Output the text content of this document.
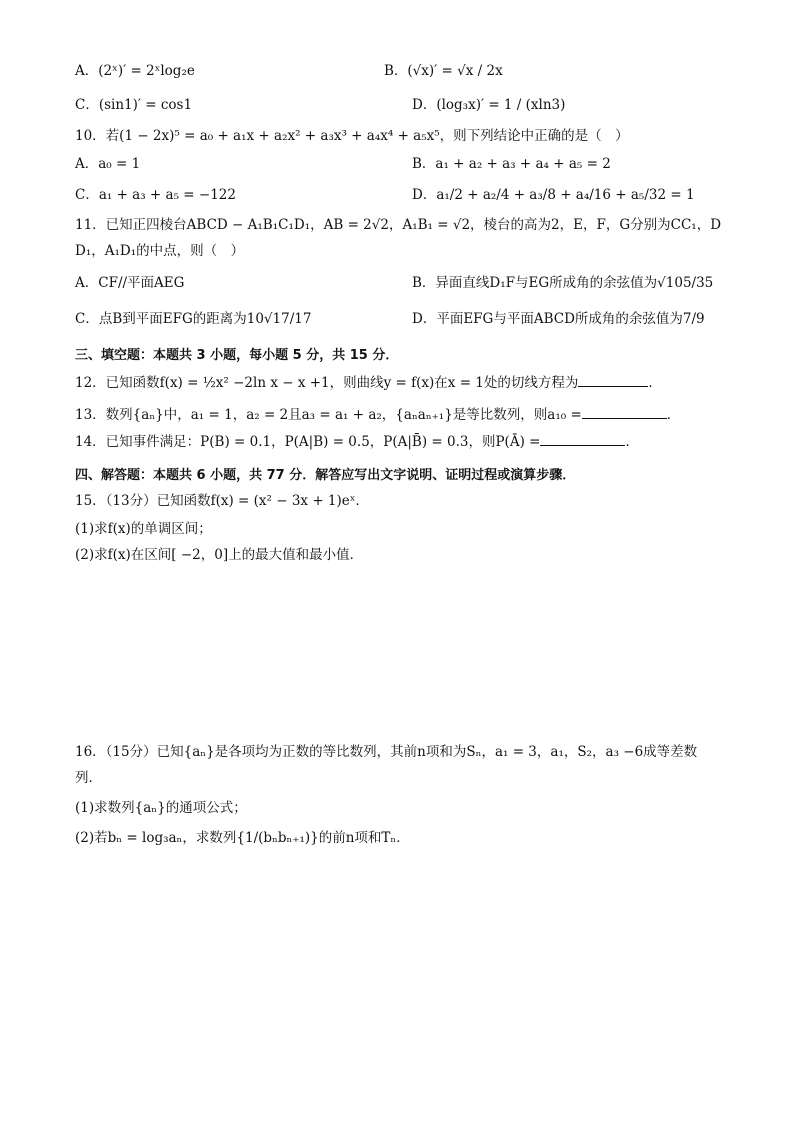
A．(2ˣ)′ = 2ˣlog₂e	B．(√x)′ = √x / 2x
C．(sin1)′ = cos1	D．(log₃x)′ = 1 / (xln3)
10．若(1 − 2x)⁵ = a₀ + a₁x + a₂x² + a₃x³ + a₄x⁴ + a₅x⁵，则下列结论中正确的是（　）
A．a₀ = 1	B．a₁ + a₂ + a₃ + a₄ + a₅ = 2
C．a₁ + a₃ + a₅ = −122	D．a₁/2 + a₂/4 + a₃/8 + a₄/16 + a₅/32 = 1
11．已知正四棱台ABCD − A₁B₁C₁D₁，AB = 2√2，A₁B₁ = √2，棱台的高为2，E，F，G分别为CC₁，D
D₁，A₁D₁的中点，则（　）
A．CF//平面AEG	B．异面直线D₁F与EG所成角的余弦值为√105/35
C．点B到平面EFG的距离为10√17/17	D．平面EFG与平面ABCD所成角的余弦值为7/9
三、填空题：本题共 3 小题，每小题 5 分，共 15 分．
12．已知函数f(x) = ½x² −2ln x − x +1，则曲线y = f(x)在x = 1处的切线方程为	．
13．数列{aₙ}中，a₁ = 1，a₂ = 2且a₃ = a₁ + a₂，{aₙaₙ₊₁}是等比数列，则a₁₀ =	．
14．已知事件满足：P(B) = 0.1，P(A|B) = 0.5，P(A|B̄) = 0.3，则P(Ā) =	．
四、解答题：本题共 6 小题，共 77 分．解答应写出文字说明、证明过程或演算步骤．
15．（13分）已知函数f(x) = (x² − 3x + 1)eˣ．
(1)求f(x)的单调区间；
(2)求f(x)在区间[ −2，0]上的最大值和最小值．
16．（15分）已知{aₙ}是各项均为正数的等比数列，其前n项和为Sₙ，a₁ = 3，a₁，S₂，a₃ −6成等差数
列．
(1)求数列{aₙ}的通项公式；
(2)若bₙ = log₃aₙ，求数列{1/(bₙbₙ₊₁)}的前n项和Tₙ．
